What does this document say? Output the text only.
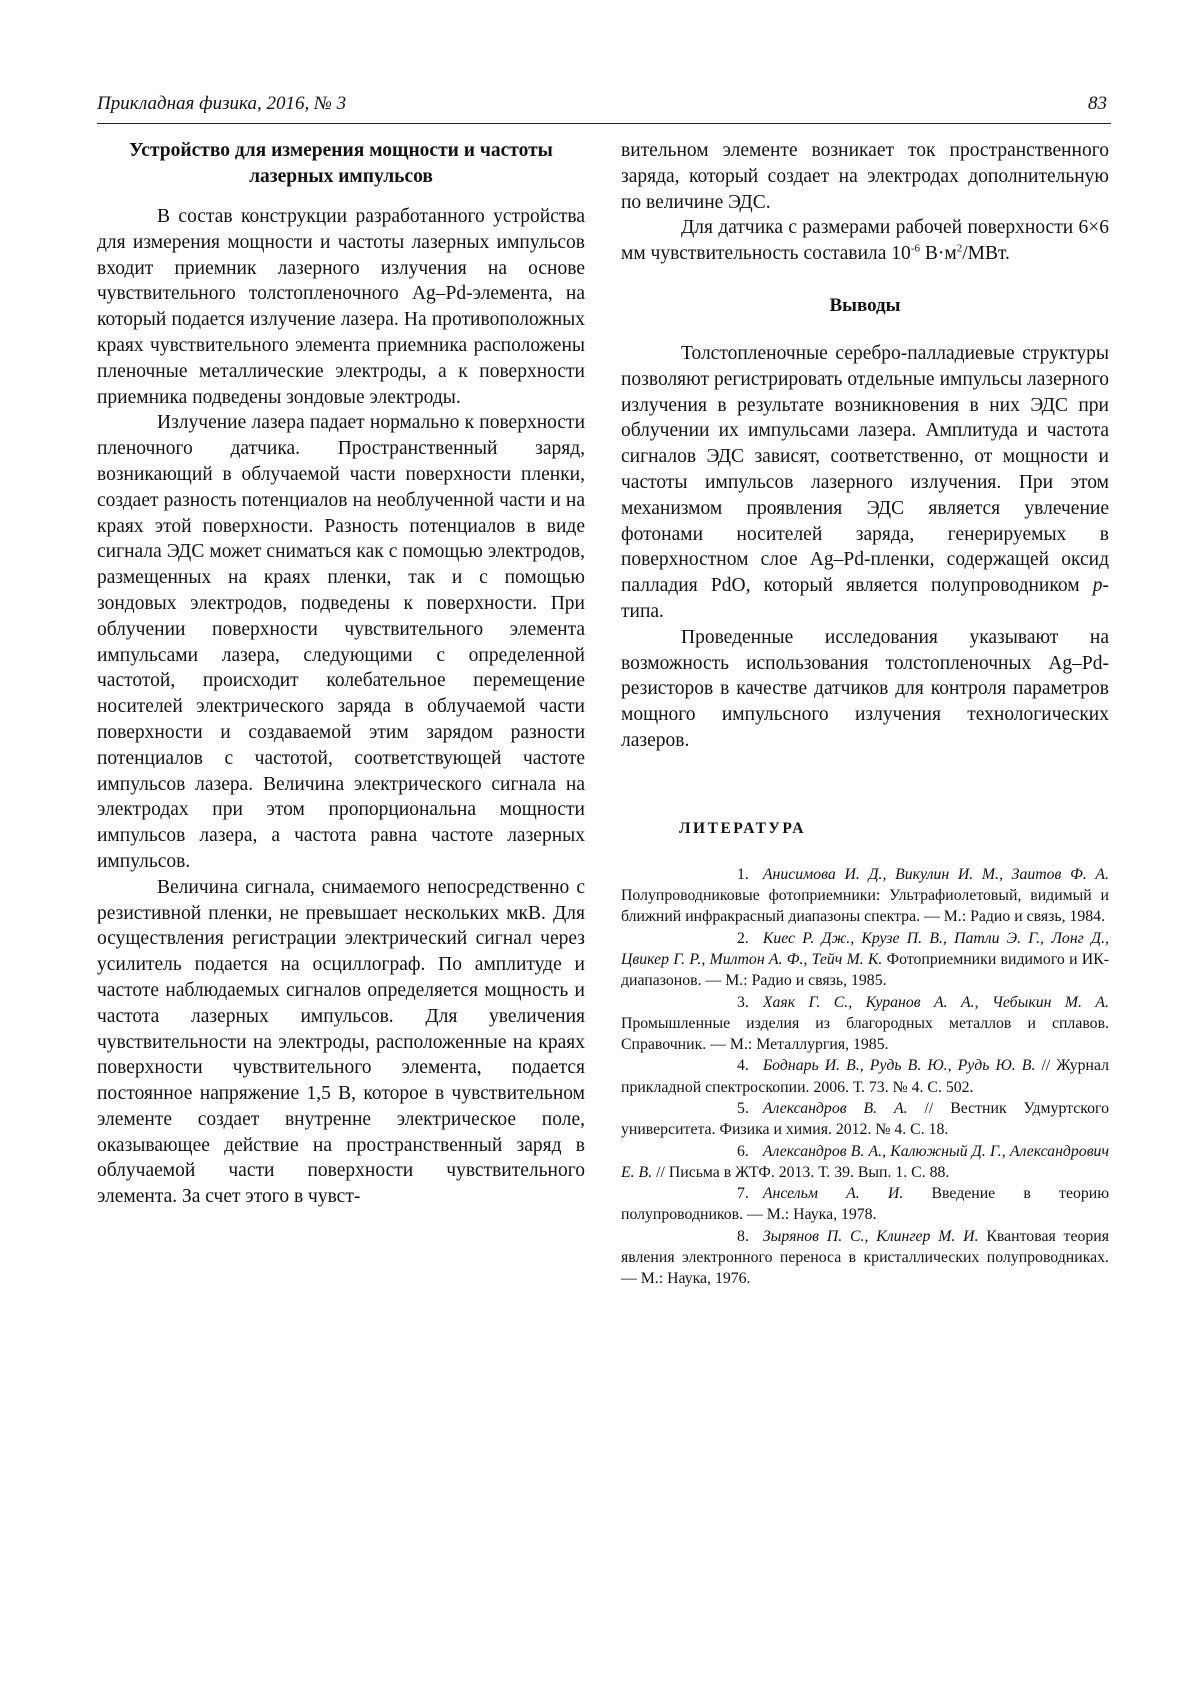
Прикладная физика, 2016, № 3	83
Устройство для измерения мощности и частоты лазерных импульсов

В состав конструкции разработанного устройства для измерения мощности и частоты лазерных импульсов входит приемник лазерного излучения на основе чувствительного толстопленочного Ag–Pd-элемента, на который подается излучение лазера. На противоположных краях чувствительного элемента приемника расположены пленочные металлические электроды, а к поверхности приемника подведены зондовые электроды.

Излучение лазера падает нормально к поверхности пленочного датчика. Пространственный заряд, возникающий в облучаемой части поверхности пленки, создает разность потенциалов на необлученной части и на краях этой поверхности. Разность потенциалов в виде сигнала ЭДС может сниматься как с помощью электродов, размещенных на краях пленки, так и с помощью зондовых электродов, подведены к поверхности. При облучении поверхности чувствительного элемента импульсами лазера, следующими с определенной частотой, происходит колебательное перемещение носителей электрического заряда в облучаемой части поверхности и создаваемой этим зарядом разности потенциалов с частотой, соответствующей частоте импульсов лазера. Величина электрического сигнала на электродах при этом пропорциональна мощности импульсов лазера, а частота равна частоте лазерных импульсов.

Величина сигнала, снимаемого непосредственно с резистивной пленки, не превышает нескольких мкВ. Для осуществления регистрации электрический сигнал через усилитель подается на осциллограф. По амплитуде и частоте наблюдаемых сигналов определяется мощность и частота лазерных импульсов. Для увеличения чувствительности на электроды, расположенные на краях поверхности чувствительного элемента, подается постоянное напряжение 1,5 В, которое в чувствительном элементе создает внутренне электрическое поле, оказывающее действие на пространственный заряд в облучаемой части поверхности чувствительного элемента. За счет этого в чувст-

вительном элементе возникает ток пространственного заряда, который создает на электродах дополнительную по величине ЭДС.

Для датчика с размерами рабочей поверхности 6×6 мм чувствительность составила $10^{-6}$ $В\cdot м^2$/МВт.

Выводы

Толстопленочные серебро-палладиевые структуры позволяют регистрировать отдельные импульсы лазерного излучения в результате возникновения в них ЭДС при облучении их импульсами лазера. Амплитуда и частота сигналов ЭДС зависят, соответственно, от мощности и частоты импульсов лазерного излучения. При этом механизмом проявления ЭДС является увлечение фотонами носителей заряда, генерируемых в поверхностном слое Ag–Pd-пленки, содержащей оксид палладия PdO, который является полупроводником p-типа.

Проведенные исследования указывают на возможность использования толстопленочных Ag–Pd-резисторов в качестве датчиков для контроля параметров мощного импульсного излучения технологических лазеров.

ЛИТЕРАТУРА

1. Анисимова И. Д., Викулин И. М., Заитов Ф. А. Полупроводниковые фотоприемники: Ультрафиолетовый, видимый и ближний инфракрасный диапазоны спектра. — М.: Радио и связь, 1984.

2. Киес Р. Дж., Крузе П. В., Патли Э. Г., Лонг Д., Цвикер Г. Р., Милтон А. Ф., Тейч М. К. Фотоприемники видимого и ИК-диапазонов. — М.: Радио и связь, 1985.

3. Хаяк Г. С., Куранов А. А., Чебыкин М. А. Промышленные изделия из благородных металлов и сплавов. Справочник. — М.: Металлургия, 1985.

4. Боднарь И. В., Рудь В. Ю., Рудь Ю. В. // Журнал прикладной спектроскопии. 2006. Т. 73. № 4. С. 502.

5. Александров В. А. // Вестник Удмуртского университета. Физика и химия. 2012. № 4. С. 18.

6. Александров В. А., Калюжный Д. Г., Александрович Е. В. // Письма в ЖТФ. 2013. Т. 39. Вып. 1. С. 88.

7. Ансельм А. И. Введение в теорию полупроводников. — М.: Наука, 1978.

8. Зырянов П. С., Клингер М. И. Квантовая теория явления электронного переноса в кристаллических полупроводниках. — М.: Наука, 1976.
